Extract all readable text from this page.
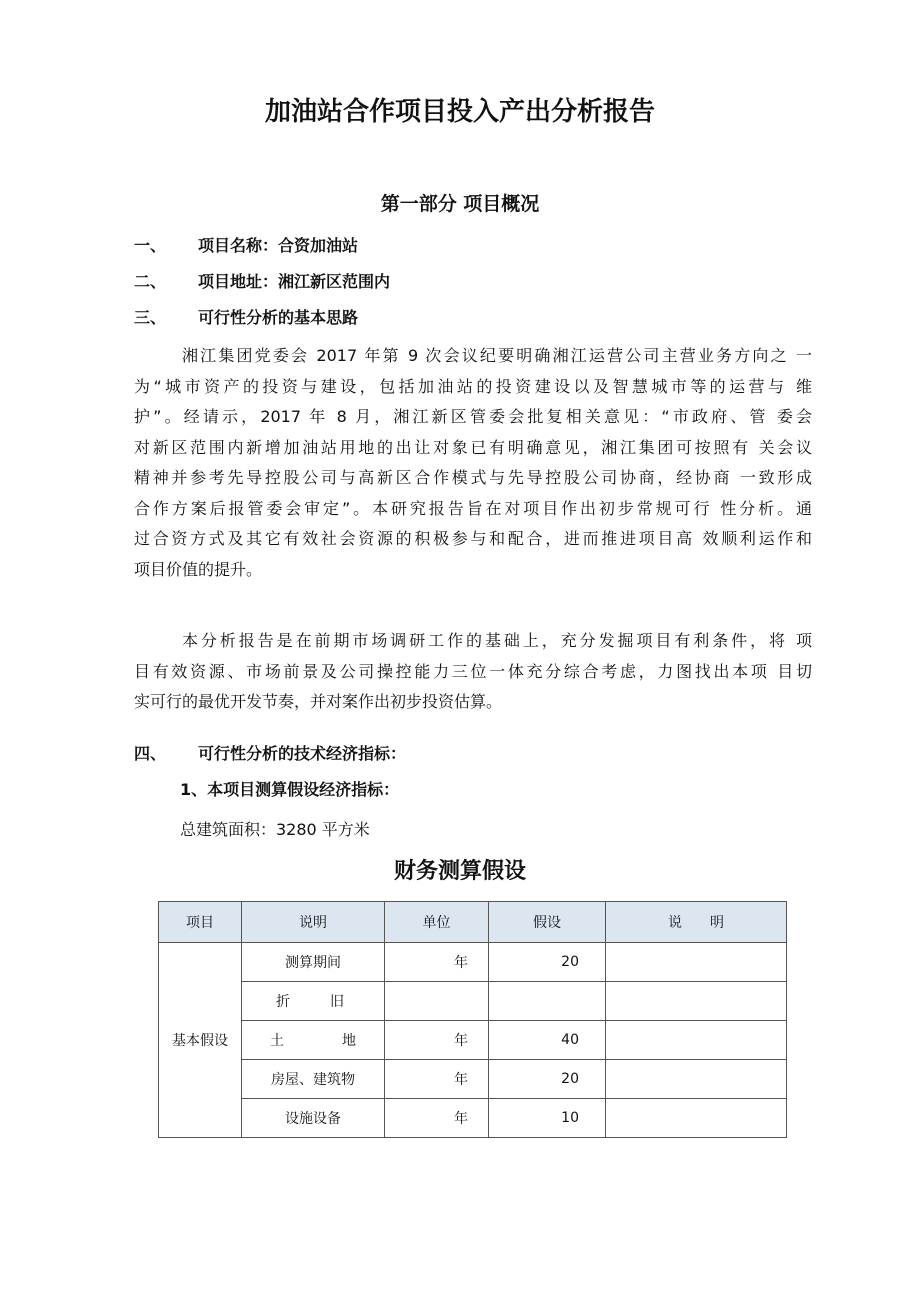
加油站合作项目投入产出分析报告
第一部分 项目概况
一、 项目名称：合资加油站
二、 项目地址：湘江新区范围内
三、 可行性分析的基本思路
湘江集团党委会 2017 年第 9 次会议纪要明确湘江运营公司主营业务方向之 一
为“城市资产的投资与建设，包括加油站的投资建设以及智慧城市等的运营与 维
护”。经请示，2017 年 8 月，湘江新区管委会批复相关意见：“市政府、管 委会
对新区范围内新增加油站用地的出让对象已有明确意见，湘江集团可按照有 关会议
精神并参考先导控股公司与高新区合作模式与先导控股公司协商，经协商 一致形成
合作方案后报管委会审定”。本研究报告旨在对项目作出初步常规可行 性分析。通
过合资方式及其它有效社会资源的积极参与和配合，进而推进项目高 效顺利运作和
项目价值的提升。
本分析报告是在前期市场调研工作的基础上，充分发掘项目有利条件，将 项
目有效资源、市场前景及公司操控能力三位一体充分综合考虑，力图找出本项 目切
实可行的最优开发节奏，并对案作出初步投资估算。
四、 可行性分析的技术经济指标：
1、本项目测算假设经济指标：
总建筑面积：3280 平方米
财务测算假设
项目	说明	单位	假设	说　　明
基本假设	测算期间	年	20	

	折 旧			

	土 地	年	40	
	房屋、建筑物	年	20	
	设施设备	年	10	
